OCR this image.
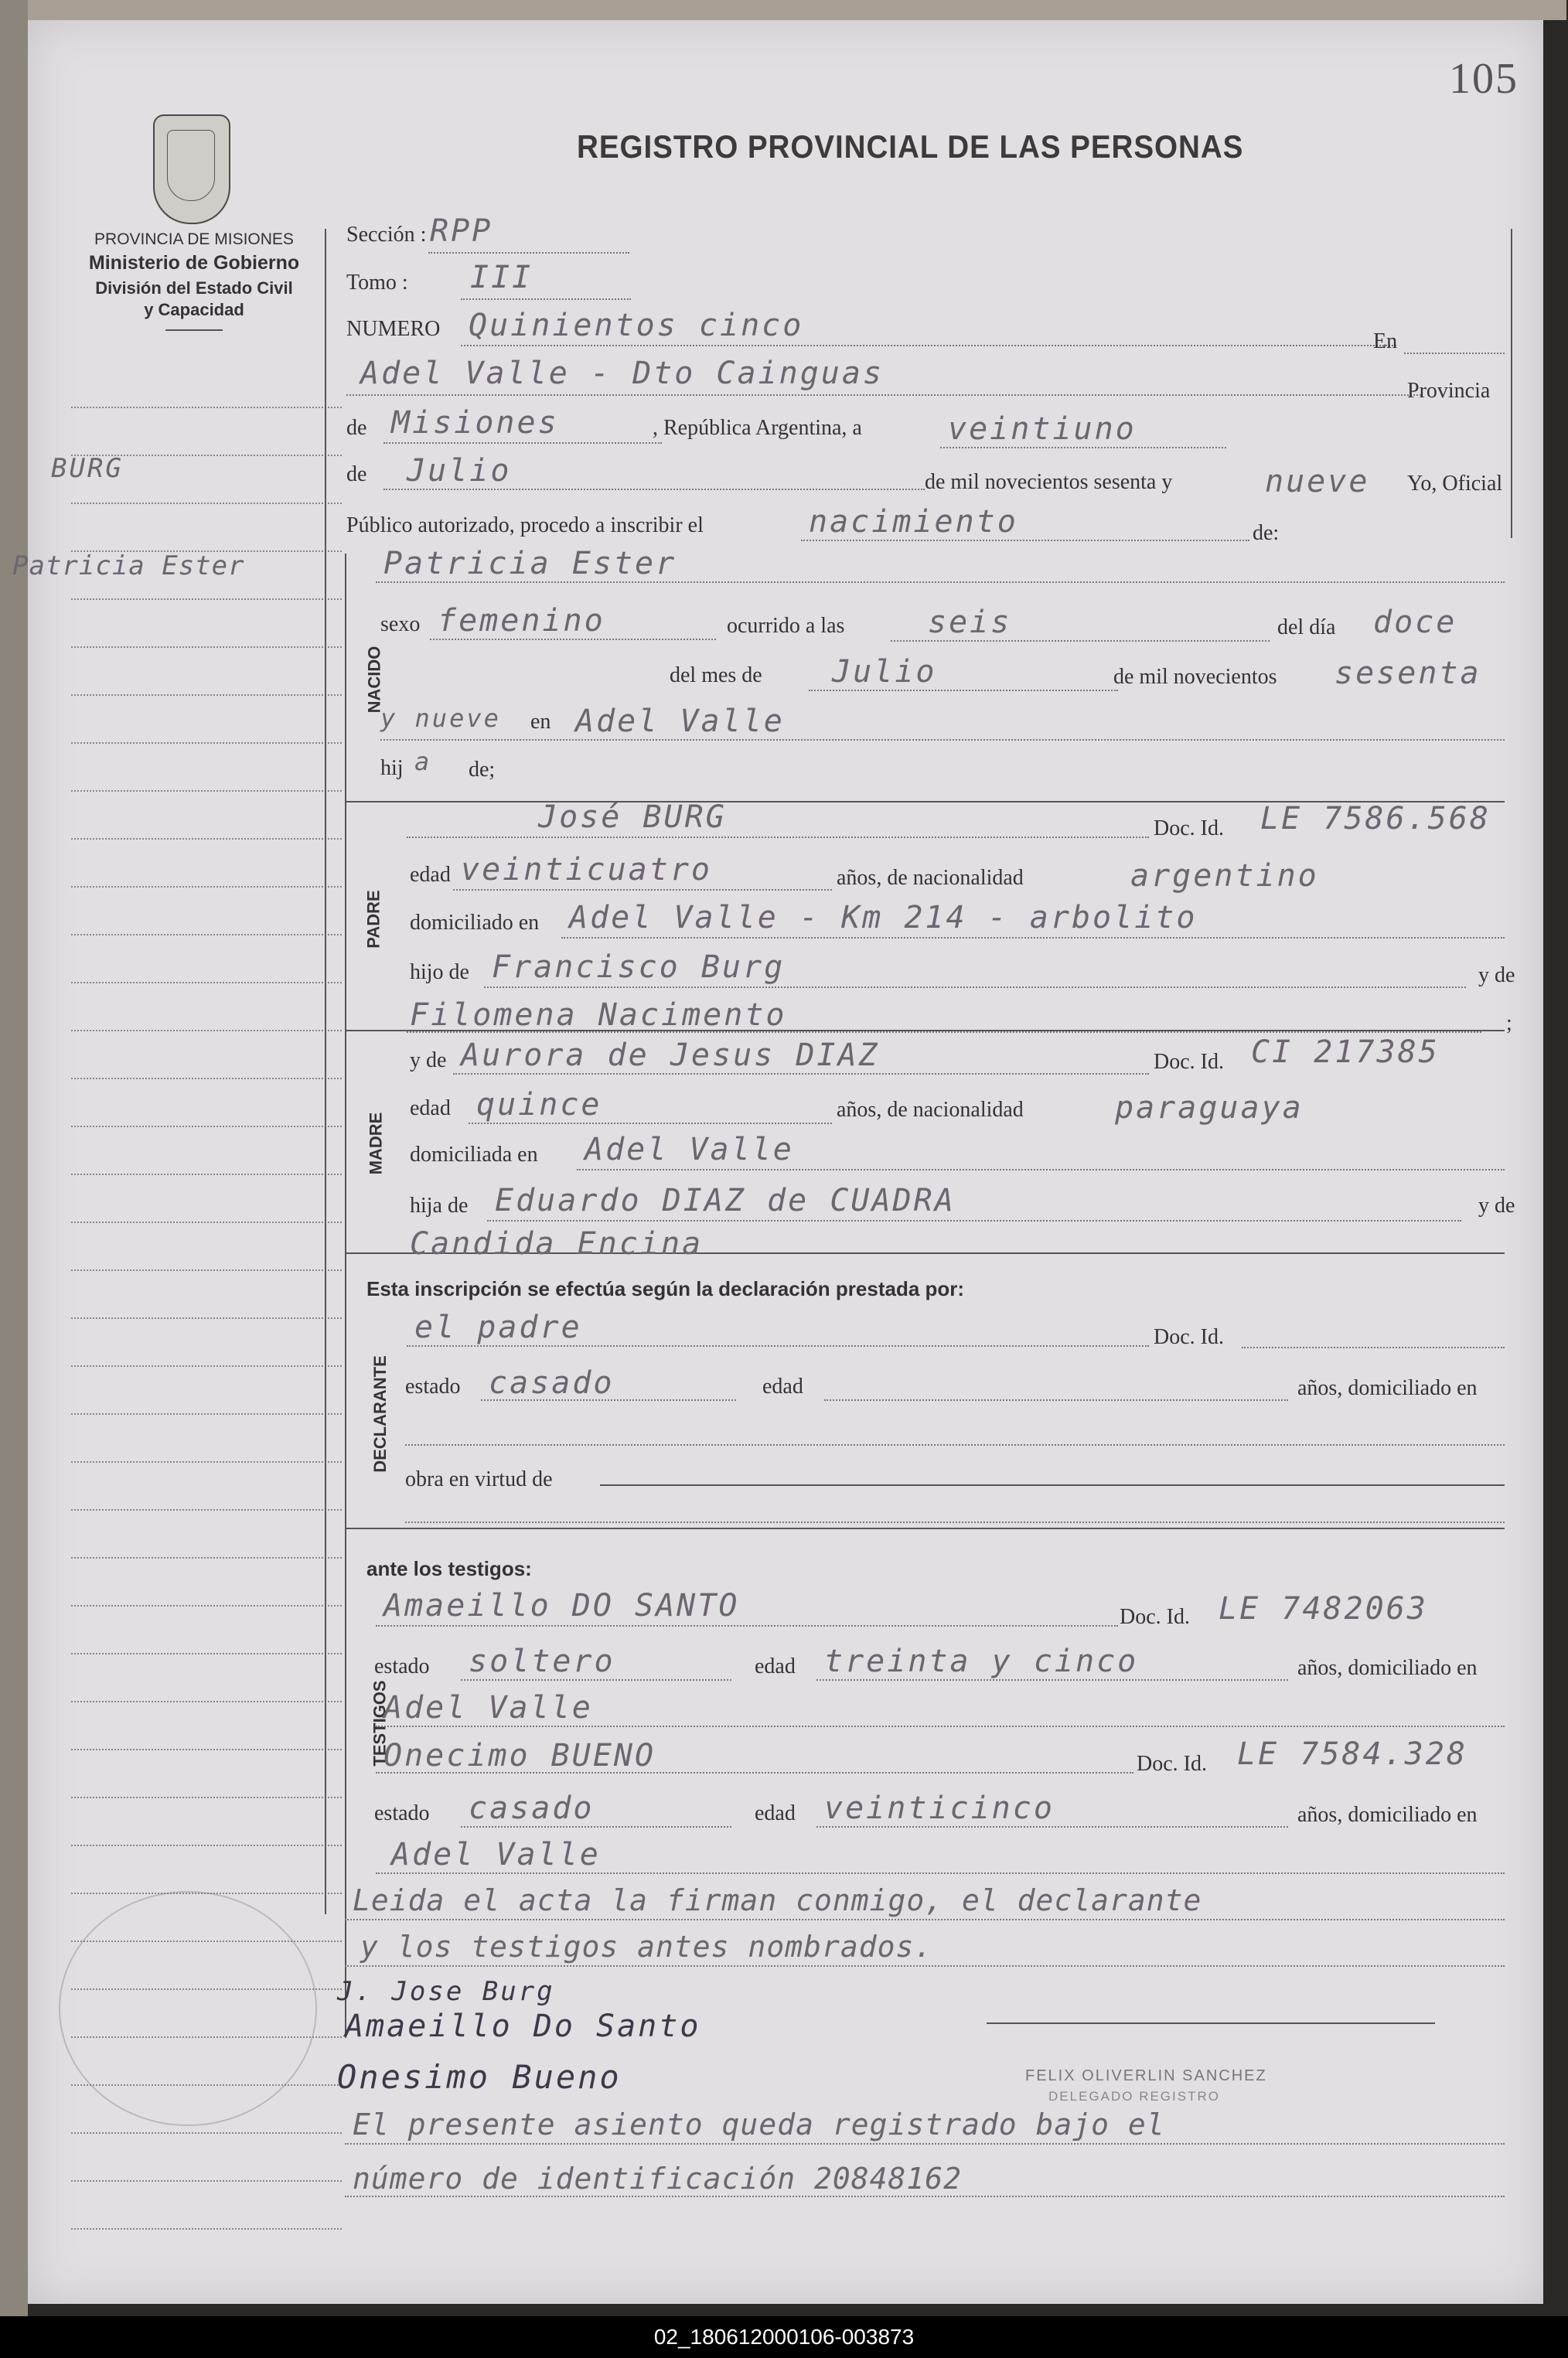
105
REGISTRO PROVINCIAL DE LAS PERSONAS
PROVINCIA DE MISIONES
Ministerio de Gobierno
División del Estado Civil
y Capacidad
BURG
Patricia Ester
Sección : RPP
Tomo : III
NUMERO Quinientos cinco	En
Adel Valle - Dto Cainguas	Provincia
de Misiones	, República Argentina, a	veintiuno
de Julio	de mil novecientos sesenta y	nueve Yo, Oficial
Público autorizado, procedo a inscribir el	nacimiento	de:
NACIDO
PADRE
MADRE
DECLARANTE
TESTIGOS
Patricia Ester
sexo femenino	ocurrido a las	seis	del día doce
del mes de Julio	de mil novecientos sesenta
y nueve en Adel Valle
hij a de;
José BURG	Doc. Id. LE 7586.568
edad veinticuatro	años, de nacionalidad	argentino
domiciliado en Adel Valle - Km 214 - arbolito
hijo de Francisco Burg	y de
Filomena Nacimento	;
y de Aurora de Jesus DIAZ	Doc. Id. CI 217385
edad quince	años, de nacionalidad	paraguaya
domiciliada en Adel Valle
hija de Eduardo DIAZ de CUADRA	y de
Candida Encina
Esta inscripción se efectúa según la declaración prestada por:
el padre	Doc. Id.
estado casado	edad	años, domiciliado en
obra en virtud de
ante los testigos:
Amaeillo DO SANTO	Doc. Id. LE 7482063
estado soltero	edad treinta y cinco	años, domiciliado en
Adel Valle
Onecimo BUENO	Doc. Id. LE 7584.328
estado casado	edad veinticinco	años, domiciliado en
Adel Valle
Leida el acta la firman conmigo, el declarante
y los testigos antes nombrados.
J. Jose Burg
Amaeillo Do Santo
Onesimo Bueno	FELIX OLIVERLIN SANCHEZ
DELEGADO REGISTRO
El presente asiento queda registrado bajo el
número de identificación 20848162
02_180612000106-003873
